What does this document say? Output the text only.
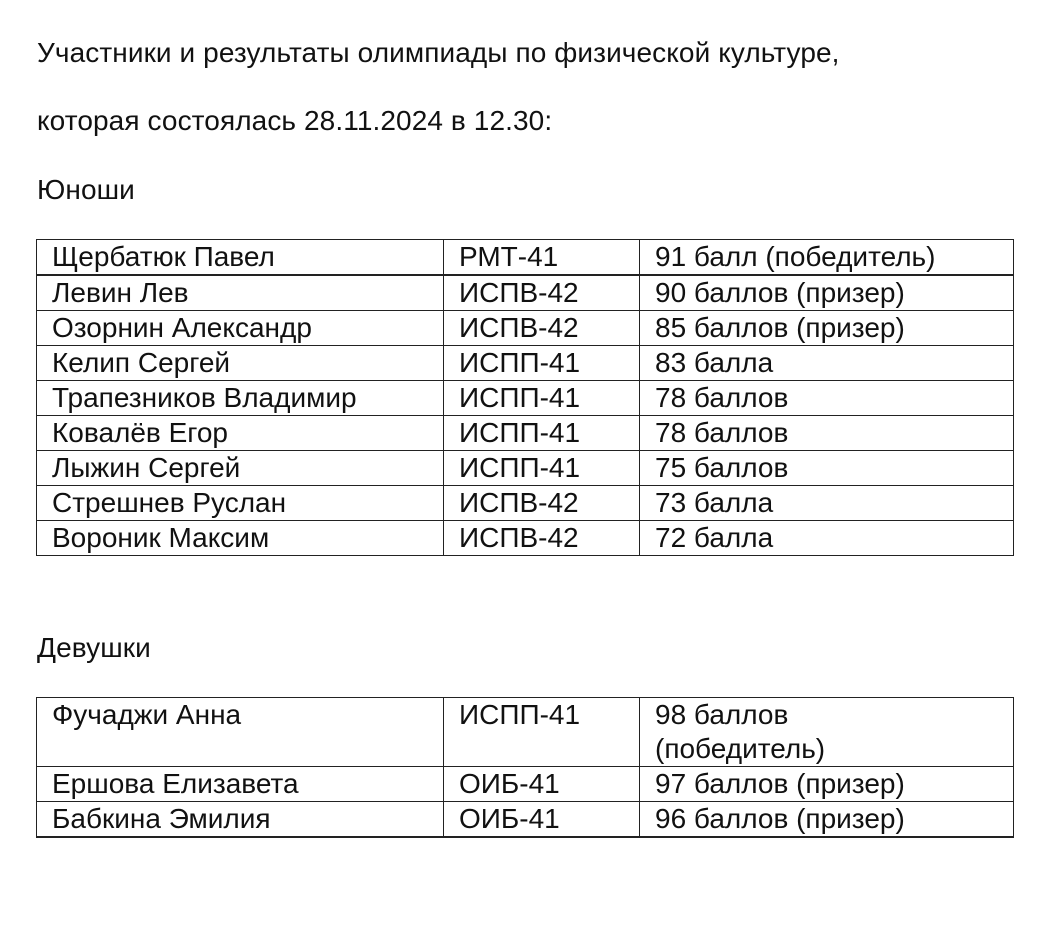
Участники и результаты олимпиады по физической культуре,
которая состоялась 28.11.2024 в 12.30:
Юноши
Щербатюк Павел	РМТ-41	91 балл (победитель)
Левин Лев	ИСПВ-42	90 баллов (призер)
Озорнин Александр	ИСПВ-42	85 баллов (призер)
Келип Сергей	ИСПП-41	83 балла
Трапезников Владимир	ИСПП-41	78 баллов
Ковалёв Егор	ИСПП-41	78 баллов
Лыжин Сергей	ИСПП-41	75 баллов
Стрешнев Руслан	ИСПВ-42	73 балла
Вороник Максим	ИСПВ-42	72 балла
Девушки
Фучаджи Анна	ИСПП-41	98 баллов (победитель)
Ершова Елизавета	ОИБ-41	97 баллов (призер)
Бабкина Эмилия	ОИБ-41	96 баллов (призер)
